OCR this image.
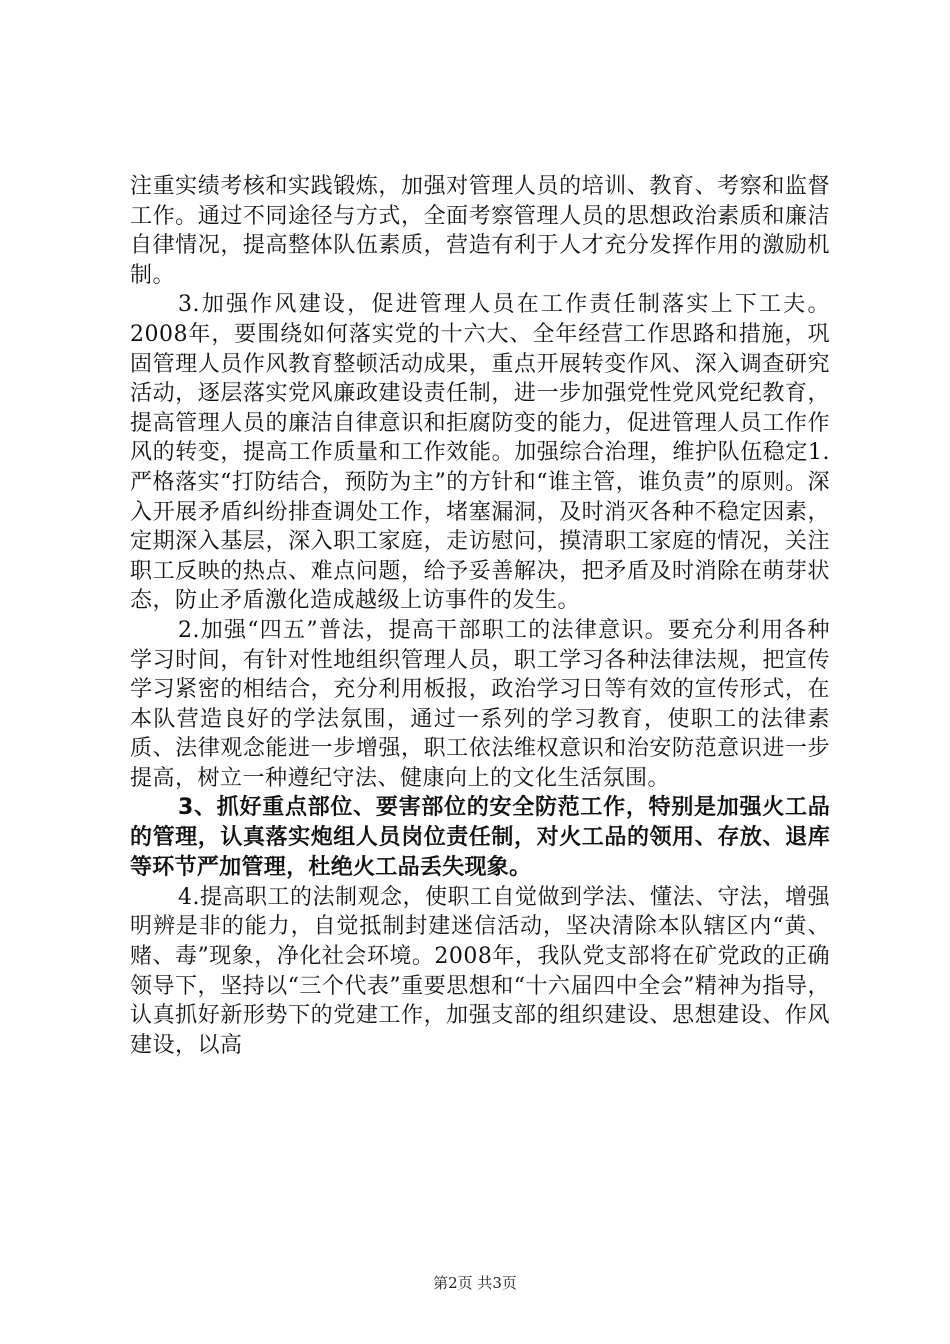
注重实绩考核和实践锻炼，加强对管理人员的培训、教育、考察和监督工作。通过不同途径与方式，全面考察管理人员的思想政治素质和廉洁自律情况，提高整体队伍素质，营造有利于人才充分发挥作用的激励机制。

3.加强作风建设，促进管理人员在工作责任制落实上下工夫。2008年，要围绕如何落实党的十六大、全年经营工作思路和措施，巩固管理人员作风教育整顿活动成果，重点开展转变作风、深入调查研究活动，逐层落实党风廉政建设责任制，进一步加强党性党风党纪教育，提高管理人员的廉洁自律意识和拒腐防变的能力，促进管理人员工作作风的转变，提高工作质量和工作效能。加强综合治理，维护队伍稳定1.严格落实“打防结合，预防为主”的方针和“谁主管，谁负责”的原则。深入开展矛盾纠纷排查调处工作，堵塞漏洞，及时消灭各种不稳定因素，定期深入基层，深入职工家庭，走访慰问，摸清职工家庭的情况，关注职工反映的热点、难点问题，给予妥善解决，把矛盾及时消除在萌芽状态，防止矛盾激化造成越级上访事件的发生。

2.加强“四五”普法，提高干部职工的法律意识。要充分利用各种学习时间，有针对性地组织管理人员，职工学习各种法律法规，把宣传学习紧密的相结合，充分利用板报，政治学习日等有效的宣传形式，在本队营造良好的学法氛围，通过一系列的学习教育，使职工的法律素质、法律观念能进一步增强，职工依法维权意识和治安防范意识进一步提高，树立一种遵纪守法、健康向上的文化生活氛围。

3、抓好重点部位、要害部位的安全防范工作，特别是加强火工品的管理，认真落实炮组人员岗位责任制，对火工品的领用、存放、退库等环节严加管理，杜绝火工品丢失现象。

4.提高职工的法制观念，使职工自觉做到学法、懂法、守法，增强明辨是非的能力，自觉抵制封建迷信活动，坚决清除本队辖区内“黄、赌、毒”现象，净化社会环境。2008年，我队党支部将在矿党政的正确领导下，坚持以“三个代表”重要思想和“十六届四中全会”精神为指导，认真抓好新形势下的党建工作，加强支部的组织建设、思想建设、作风建设，以高

第2页 共3页
